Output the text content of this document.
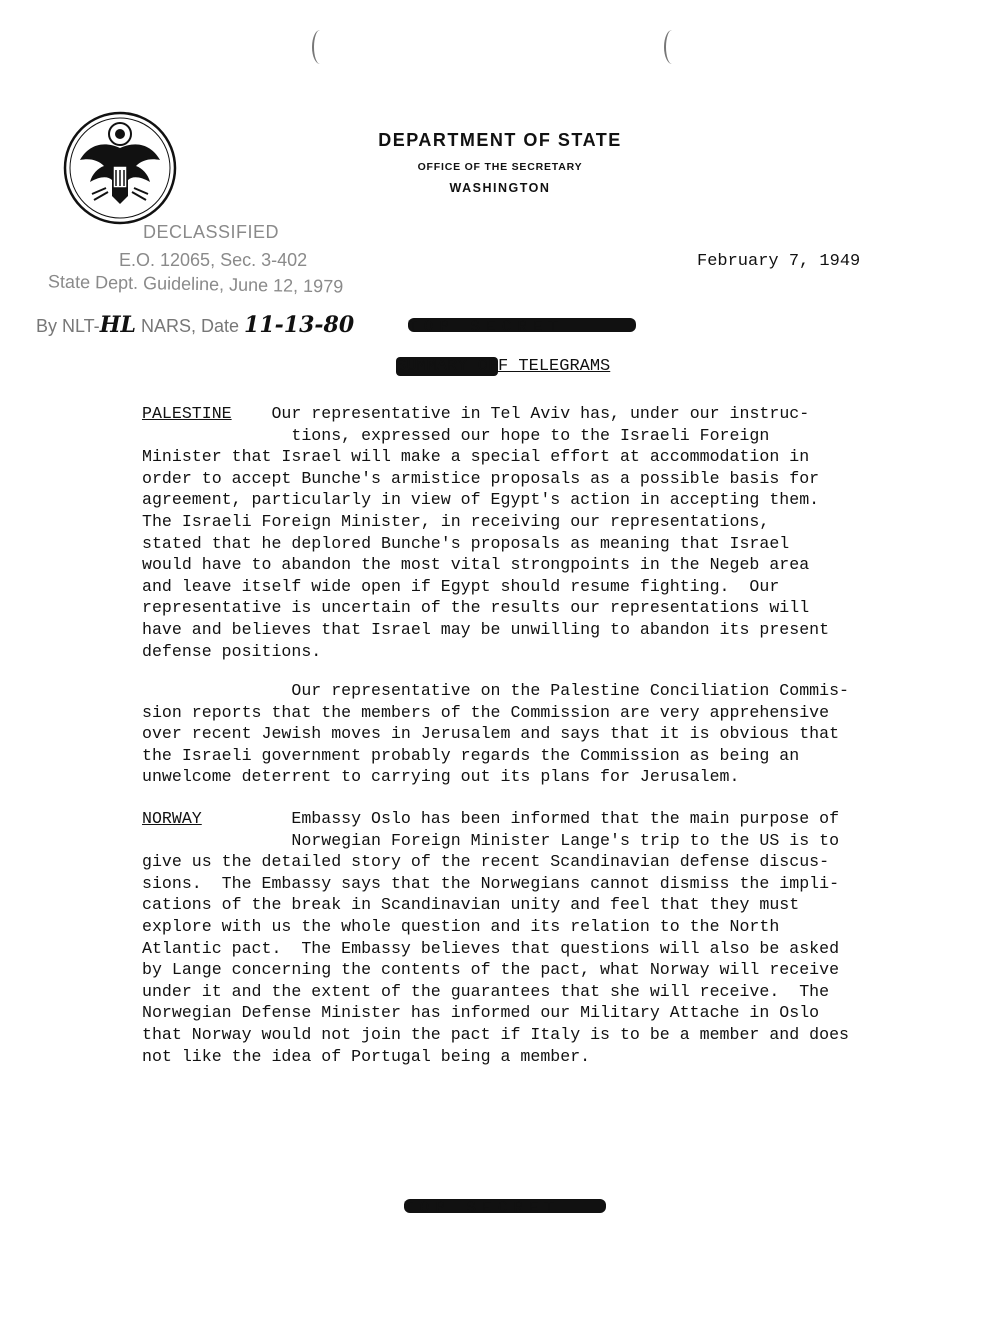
DEPARTMENT OF STATE
OFFICE OF THE SECRETARY
WASHINGTON
DECLASSIFIED
E.O. 12065, Sec. 3-402
State Dept. Guideline, June 12, 1979
By NLT-HL NARS, Date 11-13-80
February 7, 1949
TOP SECRET
SUMMARY OFF TELEGRAMS
PALESTINE Our representative in Tel Aviv has, under our instruc-
tions, expressed our hope to the Israeli Foreign
Minister that Israel will make a special effort at accommodation in
order to accept Bunche's armistice proposals as a possible basis for
agreement, particularly in view of Egypt's action in accepting them.
The Israeli Foreign Minister, in receiving our representations,
stated that he deplored Bunche's proposals as meaning that Israel
would have to abandon the most vital strongpoints in the Negeb area
and leave itself wide open if Egypt should resume fighting.  Our
representative is uncertain of the results our representations will
have and believes that Israel may be unwilling to abandon its present
defense positions.
Our representative on the Palestine Conciliation Commis-
sion reports that the members of the Commission are very apprehensive
over recent Jewish moves in Jerusalem and says that it is obvious that
the Israeli government probably regards the Commission as being an
unwelcome deterrent to carrying out its plans for Jerusalem.
NORWAY	Embassy Oslo has been informed that the main purpose of
Norwegian Foreign Minister Lange's trip to the US is to
give us the detailed story of the recent Scandinavian defense discus-
sions.  The Embassy says that the Norwegians cannot dismiss the impli-
cations of the break in Scandinavian unity and feel that they must
explore with us the whole question and its relation to the North
Atlantic pact.  The Embassy believes that questions will also be asked
by Lange concerning the contents of the pact, what Norway will receive
under it and the extent of the guarantees that she will receive.  The
Norwegian Defense Minister has informed our Military Attache in Oslo
that Norway would not join the pact if Italy is to be a member and does
not like the idea of Portugal being a member.
TOP SECRET
